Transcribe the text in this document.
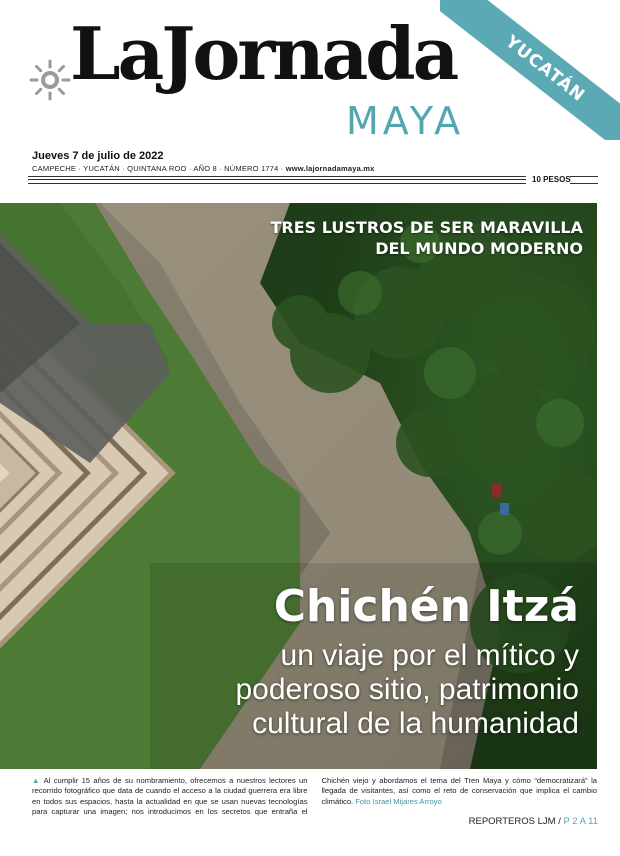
LaJornada
MAYA
YUCATÁN
Jueves 7 de julio de 2022
CAMPECHE · YUCATÁN · QUINTANA ROO · AÑO 8 · NÚMERO 1774 · www.lajornadamaya.mx
10 PESOS
TRES LUSTROS DE SER MARAVILLA DEL MUNDO MODERNO
Chichén Itzá
un viaje por el mítico y poderoso sitio, patrimonio cultural de la humanidad
▲ Al cumplir 15 años de su nombramiento, ofrecemos a nuestros lectores un recorrido fotográfico que data de cuando el acceso a la ciudad guerrera era libre en todos sus espacios, hasta la actualidad en que se usan nuevas tecnologías para capturar una imagen; nos introducimos en los secretos que entraña el Chichén viejo y abordamos el tema del Tren Maya y cómo “democratizará” la llegada de visitantes, así como el reto de conservación que implica el cambio climático. Foto Israel Mijares Arroyo
REPORTEROS LJM / P 2 A 11
